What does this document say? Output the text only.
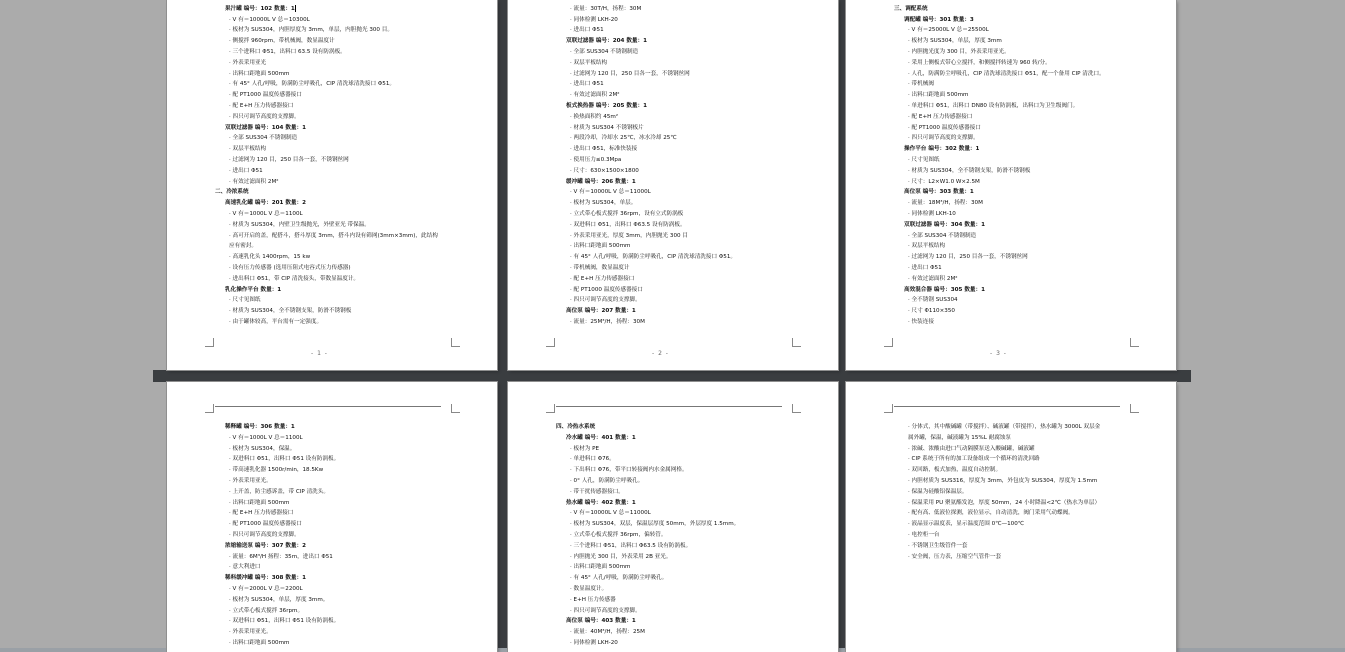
果汁罐 编号：102 数量：1
· V 有＝10000L V 总＝10300L
· 板材为 SUS304，内胆厚度为 3mm，单层，内胆抛光 300 目。
· 侧搅拌 960rpm，带机械阀，数显温度计
· 三个进料口 Φ51，出料口 63.5 设有防涡板。
· 外表采用亚光
· 出料口距地面 500mm
· 有 45° 人孔/呼吸，防满防尘呼吸孔，CIP 清洗球清洗接口 Φ51。
· 配 PT1000 温度传感器接口
· 配 E+H 压力传感器接口
· 四只可调节高度的支撑脚。
双联过滤器 编号：104 数量：1
· 全部 SUS304 不锈钢制造
· 双层平板结构
· 过滤网为 120 目，250 目各一套，不锈钢丝网
· 进出口 Φ51
· 有效过滤面积 2M²
二、冷浓系统
高速乳化罐 编号：201 数量：2
· V 有＝1000L V 总＝1100L
· 材质为 SUS304，内壁卫生级抛光，外壁亚光 带保温。
· 高可开启的盖，配搭斗，搭斗厚度 3mm，搭斗内设有筛网(3mm×3mm)，此结构
应有密封。
· 高速乳化头 1400rpm，15 kw
· 设有压力传感器 (选用压阻式电容式压力传感器)
· 进出料口 Φ51，带 CIP 清洗接头，带数显温度计。
乳化操作平台 数量：1
· 尺寸见图纸
· 材质为 SUS304，全不锈钢支架，防滑不锈钢板
· 由于罐体较高，平台需有一定强度。
- 1 -
· 流量：30T/H，扬程：30M
· 同体检测 LKH-20
· 进出口 Φ51
双联过滤器 编号：204 数量：1
· 全部 SUS304 不锈钢制造
· 双层平板结构
· 过滤网为 120 目，250 目各一套，不锈钢丝网
· 进出口 Φ51
· 有效过滤面积 2M²
板式换热器 编号：205 数量：1
· 换热面积约 45m²
· 材质为 SUS304 不锈钢板片
· 两段冷却，冷却水 25℃，冰水冷却 25℃
· 进出口 Φ51，标准快装接
· 使用压力≤0.3Mpa
· 尺寸：630×1500×1800
缓冲罐 编号：206 数量：1
· V 有＝10000L V 总＝11000L
· 板材为 SUS304，单层。
· 立式带心板式搅拌 36rpm，设有立式防涡板
· 双进料口 Φ51，出料口 Φ63.5 设有防涡板。
· 外表采用亚光，厚度 3mm，内胆抛光 300 目
· 出料口距地面 500mm
· 有 45° 人孔/呼吸，防满防尘呼吸孔，CIP 清洗球清洗接口 Φ51。
· 带机械阀，数显温度计
· 配 E+H 压力传感器接口
· 配 PT1000 温度传感器接口
· 四只可调节高度的支撑脚。
高位泵 编号：207 数量：1
· 流量：25M³/H，扬程：30M
- 2 -
三、调配系统
调配罐 编号：301 数量：3
· V 有＝25000L V 总＝25500L
· 板材为 SUS304，单层，厚度 3mm
· 内胆抛光度为 300 目，外表采用亚光。
· 采用上侧板式带心立搅拌，和侧搅拌转速为 960 转/分。
· 人孔，防满防尘呼吸孔，CIP 清洗球清洗接口 Φ51，配一个备用 CIP 清洗口。
· 带机械阀
· 出料口距地面 500mm
· 单进料口 Φ51，出料口 DN80 设有防涡板，出料口为卫生级阀门。
· 配 E+H 压力传感器接口
· 配 PT1000 温度传感器接口
· 四只可调节高度的支撑脚。
操作平台 编号：302 数量：1
· 尺寸见图纸
· 材质为 SUS304，全不锈钢支架，防滑不锈钢板
· 尺寸：L2×W1.0 W×2.5M
高位泵 编号：303 数量：1
· 流量：18M³/H，扬程：30M
· 同体检测 LKH-10
双联过滤器 编号：304 数量：1
· 全部 SUS304 不锈钢制造
· 双层平板结构
· 过滤网为 120 目，250 目各一套，不锈钢丝网
· 进出口 Φ51
· 有效过滤面积 2M²
高效混合器 编号：305 数量：1
· 全不锈钢 SUS304
· 尺寸 Φ110×350
· 快装连接
- 3 -
稀释罐 编号：306 数量：1
· V 有＝1000L V 总＝1100L
· 板材为 SUS304，保温。
· 双进料口 Φ51，出料口 Φ51 设有防涡板。
· 带高速乳化器 1500r/min，18.5Kw
· 外表采用亚光。
· 上开盖，防尘感诉盖，带 CIP 清洗头。
· 出料口距地面 500mm
· 配 E+H 压力传感器接口
· 配 PT1000 温度传感器接口
· 四只可调节高度的支撑脚。
浓缩输送泵 编号：307 数量：2
· 流量：6M³/H 扬程：35m，进出口 Φ51
· 意大利进口
稀料缓冲罐 编号：308 数量：1
· V 有＝2000L V 总＝2200L
· 板材为 SUS304，单层，厚度 3mm。
· 立式带心板式搅拌 36rpm。
· 双进料口 Φ51，出料口 Φ51 设有防涡板。
· 外表采用亚光。
· 出料口距地面 500mm
四、冷热水系统
冷水罐 编号：401 数量：1
· 板材为 PE
· 单进料口 Φ76。
· 下出料口 Φ76，带平口转接阀内水金属网格。
· 0° 人孔，防满防尘呼吸孔。
· 带干扰传感器接口。
热水罐 编号：402 数量：1
· V 有＝10000L V 总＝11000L
· 板材为 SUS304，双层，保温层厚度 50mm，外层厚度 1.5mm。
· 立式带心板式搅拌 36rpm，偏转管。
· 三个进料口 Φ51，出料口 Φ63.5 设有防涡板。
· 内胆抛光 300 目，外表采用 2B 亚光。
· 出料口距地面 500mm
· 有 45° 人孔/呼吸，防满防尘呼吸孔。
· 数显温度计。
· E+H 压力传感器
· 四只可调节高度的支撑脚。
高位泵 编号：403 数量：1
· 流量：40M³/H，扬程：25M
· 同体检测 LKH-20
· 分体式，其中酸碱罐（带搅拌）、碱液罐（带搅拌），热水罐为 3000L 双层金
属外罐，保温，碱液罐为 15%L 耐腐蚀泵
· 浓碱、浓酸由进口气动隔膜泵送入酸碱罐，碱液罐
· CIP 系统于所有的加工设备组成一个循环的清洗回路
· 双回路，板式加热，温度自动控制。
· 内胆材质为 SUS316，厚度为 3mm，外包皮为 SUS304，厚度为 1.5mm
· 保温为硅酸铝保温层。
· 保温采用 PU 聚氨酯发泡，厚度 50mm，24 小时降温<2℃（热水为单层）
· 配有高、低液位探测，液位显示，自动清洗，阀门采用气动蝶阀。
· 液晶显示温度表，显示温度范围 0℃—100℃
· 电控柜一台
· 不锈钢卫生级管件一套
· 安全阀，压力表，压缩空气管件一套
